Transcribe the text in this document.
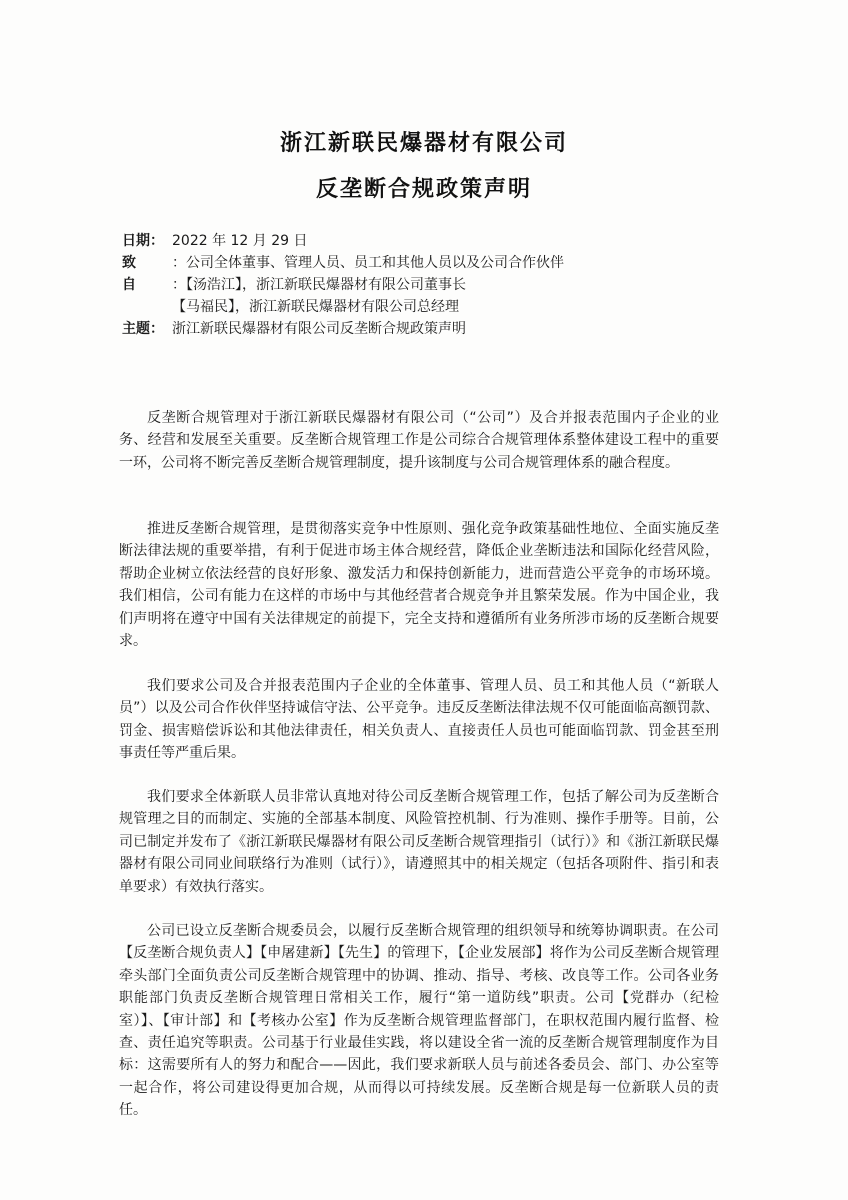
浙江新联民爆器材有限公司
反垄断合规政策声明
日期： 2022 年 12 月 29 日
致 ：公司全体董事、管理人员、员工和其他人员以及公司合作伙伴
自 ：【汤浩江】，浙江新联民爆器材有限公司董事长
【马福民】，浙江新联民爆器材有限公司总经理
主题： 浙江新联民爆器材有限公司反垄断合规政策声明

反垄断合规管理对于浙江新联民爆器材有限公司（“公司”）及合并报表范围内子企业的业务、经营和发展至关重要。反垄断合规管理工作是公司综合合规管理体系整体建设工程中的重要一环，公司将不断完善反垄断合规管理制度，提升该制度与公司合规管理体系的融合程度。

推进反垄断合规管理，是贯彻落实竞争中性原则、强化竞争政策基础性地位、全面实施反垄断法律法规的重要举措，有利于促进市场主体合规经营，降低企业垄断违法和国际化经营风险，帮助企业树立依法经营的良好形象、激发活力和保持创新能力，进而营造公平竞争的市场环境。我们相信，公司有能力在这样的市场中与其他经营者合规竞争并且繁荣发展。作为中国企业，我们声明将在遵守中国有关法律规定的前提下，完全支持和遵循所有业务所涉市场的反垄断合规要求。

我们要求公司及合并报表范围内子企业的全体董事、管理人员、员工和其他人员（“新联人员”）以及公司合作伙伴坚持诚信守法、公平竞争。违反反垄断法律法规不仅可能面临高额罚款、罚金、损害赔偿诉讼和其他法律责任，相关负责人、直接责任人员也可能面临罚款、罚金甚至刑事责任等严重后果。

我们要求全体新联人员非常认真地对待公司反垄断合规管理工作，包括了解公司为反垄断合规管理之目的而制定、实施的全部基本制度、风险管控机制、行为准则、操作手册等。目前，公司已制定并发布了《浙江新联民爆器材有限公司反垄断合规管理指引（试行）》和《浙江新联民爆器材有限公司同业间联络行为准则（试行）》，请遵照其中的相关规定（包括各项附件、指引和表单要求）有效执行落实。

公司已设立反垄断合规委员会，以履行反垄断合规管理的组织领导和统筹协调职责。在公司【反垄断合规负责人】【申屠建新】【先生】的管理下，【企业发展部】将作为公司反垄断合规管理牵头部门全面负责公司反垄断合规管理中的协调、推动、指导、考核、改良等工作。公司各业务职能部门负责反垄断合规管理日常相关工作，履行“第一道防线”职责。公司【党群办（纪检室）】、【审计部】和【考核办公室】作为反垄断合规管理监督部门，在职权范围内履行监督、检查、责任追究等职责。公司基于行业最佳实践，将以建设全省一流的反垄断合规管理制度作为目标：这需要所有人的努力和配合——因此，我们要求新联人员与前述各委员会、部门、办公室等一起合作，将公司建设得更加合规，从而得以可持续发展。反垄断合规是每一位新联人员的责任。
